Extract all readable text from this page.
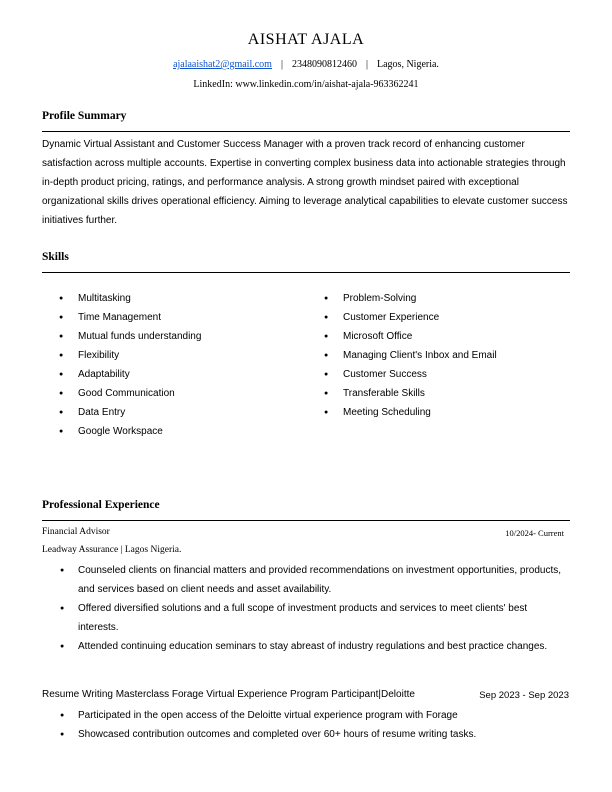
AISHAT AJALA
ajalaaishat2@gmail.com | 2348090812460 | Lagos, Nigeria.
LinkedIn: www.linkedin.com/in/aishat-ajala-963362241
Profile Summary
Dynamic Virtual Assistant and Customer Success Manager with a proven track record of enhancing customer satisfaction across multiple accounts. Expertise in converting complex business data into actionable strategies through in-depth product pricing, ratings, and performance analysis. A strong growth mindset paired with exceptional organizational skills drives operational efficiency. Aiming to leverage analytical capabilities to elevate customer success initiatives further.
Skills
● Multitasking
● Time Management
● Mutual funds understanding
● Flexibility
● Adaptability
● Good Communication
● Data Entry
● Google Workspace
● Problem-Solving
● Customer Experience
● Microsoft Office
● Managing Client's Inbox and Email
● Customer Success
● Transferable Skills
● Meeting Scheduling
Professional Experience
Financial Advisor	10/2024- Current
Leadway Assurance | Lagos Nigeria.
● Counseled clients on financial matters and provided recommendations on investment opportunities, products, and services based on client needs and asset availability.
● Offered diversified solutions and a full scope of investment products and services to meet clients' best interests.
● Attended continuing education seminars to stay abreast of industry regulations and best practice changes.
Resume Writing Masterclass Forage Virtual Experience Program Participant|Deloitte	Sep 2023 - Sep 2023
● Participated in the open access of the Deloitte virtual experience program with Forage
● Showcased contribution outcomes and completed over 60+ hours of resume writing tasks.
